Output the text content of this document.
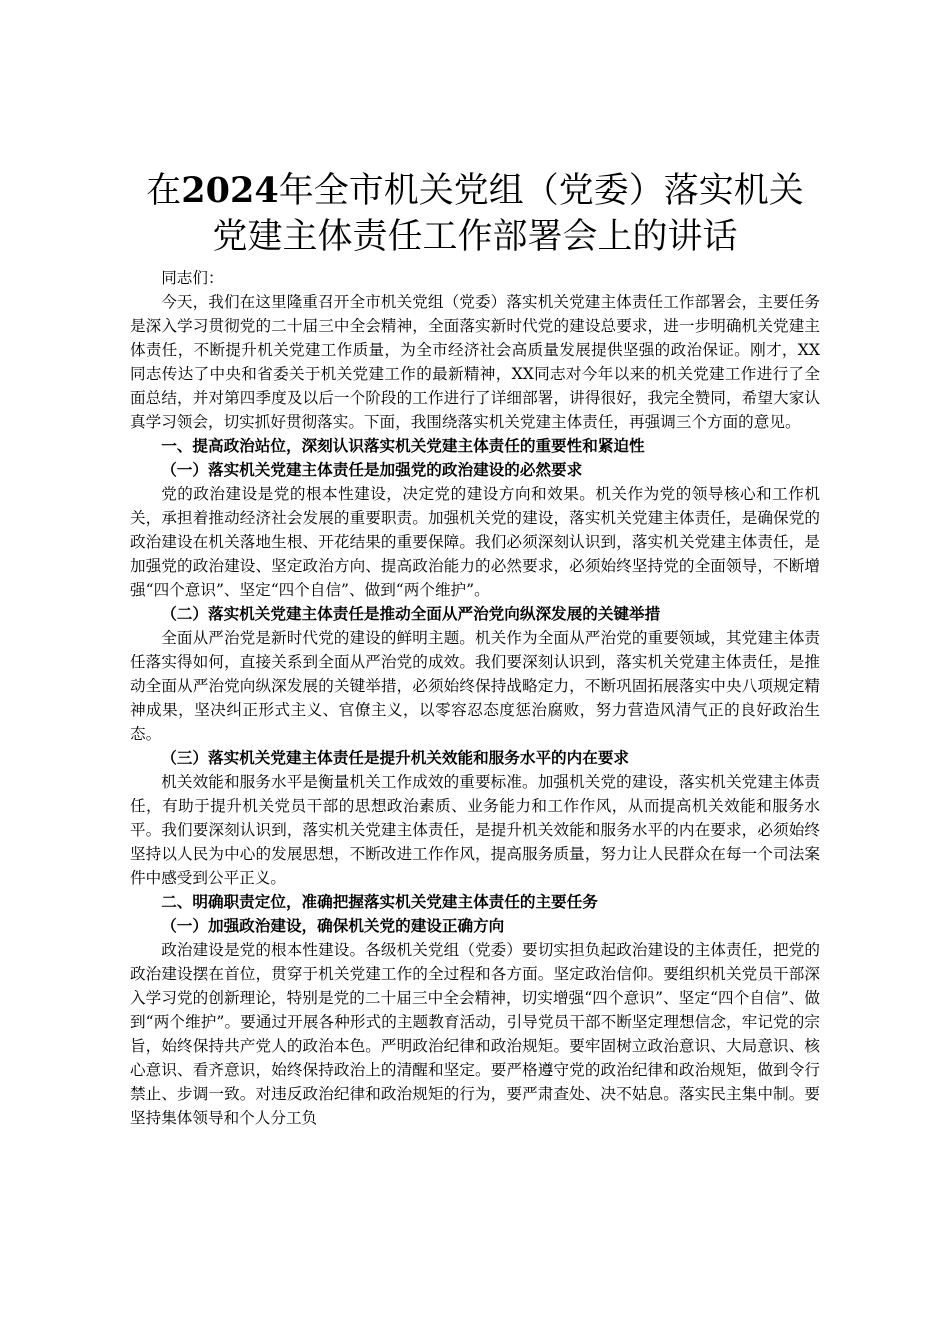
在2024年全市机关党组（党委）落实机关党建主体责任工作部署会上的讲话

同志们：

今天，我们在这里隆重召开全市机关党组（党委）落实机关党建主体责任工作部署会，主要任务是深入学习贯彻党的二十届三中全会精神，全面落实新时代党的建设总要求，进一步明确机关党建主体责任，不断提升机关党建工作质量，为全市经济社会高质量发展提供坚强的政治保证。刚才，XX同志传达了中央和省委关于机关党建工作的最新精神，XX同志对今年以来的机关党建工作进行了全面总结，并对第四季度及以后一个阶段的工作进行了详细部署，讲得很好，我完全赞同，希望大家认真学习领会，切实抓好贯彻落实。下面，我围绕落实机关党建主体责任，再强调三个方面的意见。

一、提高政治站位，深刻认识落实机关党建主体责任的重要性和紧迫性

（一）落实机关党建主体责任是加强党的政治建设的必然要求

党的政治建设是党的根本性建设，决定党的建设方向和效果。机关作为党的领导核心和工作机关，承担着推动经济社会发展的重要职责。加强机关党的建设，落实机关党建主体责任，是确保党的政治建设在机关落地生根、开花结果的重要保障。我们必须深刻认识到，落实机关党建主体责任，是加强党的政治建设、坚定政治方向、提高政治能力的必然要求，必须始终坚持党的全面领导，不断增强“四个意识”、坚定“四个自信”、做到“两个维护”。

（二）落实机关党建主体责任是推动全面从严治党向纵深发展的关键举措

全面从严治党是新时代党的建设的鲜明主题。机关作为全面从严治党的重要领域，其党建主体责任落实得如何，直接关系到全面从严治党的成效。我们要深刻认识到，落实机关党建主体责任，是推动全面从严治党向纵深发展的关键举措，必须始终保持战略定力，不断巩固拓展落实中央八项规定精神成果，坚决纠正形式主义、官僚主义，以零容忍态度惩治腐败，努力营造风清气正的良好政治生态。

（三）落实机关党建主体责任是提升机关效能和服务水平的内在要求

机关效能和服务水平是衡量机关工作成效的重要标准。加强机关党的建设，落实机关党建主体责任，有助于提升机关党员干部的思想政治素质、业务能力和工作作风，从而提高机关效能和服务水平。我们要深刻认识到，落实机关党建主体责任，是提升机关效能和服务水平的内在要求，必须始终坚持以人民为中心的发展思想，不断改进工作作风，提高服务质量，努力让人民群众在每一个司法案件中感受到公平正义。

二、明确职责定位，准确把握落实机关党建主体责任的主要任务

（一）加强政治建设，确保机关党的建设正确方向

政治建设是党的根本性建设。各级机关党组（党委）要切实担负起政治建设的主体责任，把党的政治建设摆在首位，贯穿于机关党建工作的全过程和各方面。坚定政治信仰。要组织机关党员干部深入学习党的创新理论，特别是党的二十届三中全会精神，切实增强“四个意识”、坚定“四个自信”、做到“两个维护”。要通过开展各种形式的主题教育活动，引导党员干部不断坚定理想信念，牢记党的宗旨，始终保持共产党人的政治本色。严明政治纪律和政治规矩。要牢固树立政治意识、大局意识、核心意识、看齐意识，始终保持政治上的清醒和坚定。要严格遵守党的政治纪律和政治规矩，做到令行禁止、步调一致。对违反政治纪律和政治规矩的行为，要严肃查处、决不姑息。落实民主集中制。要坚持集体领导和个人分工负
